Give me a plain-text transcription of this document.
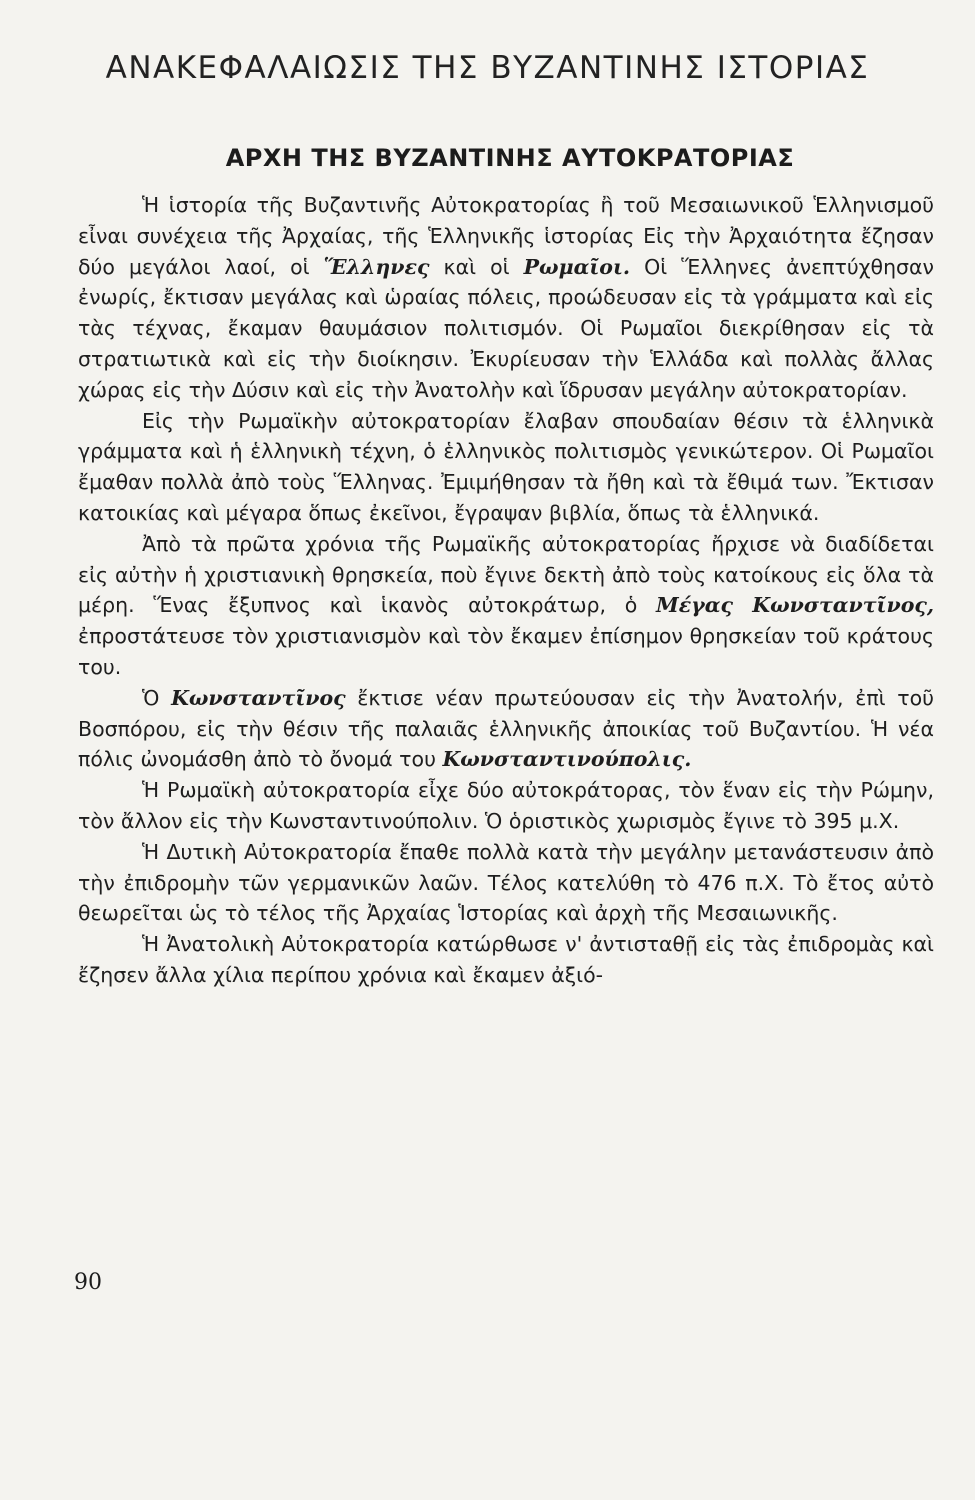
ΑΝΑΚΕΦΑΛΑΙΩΣΙΣ ΤΗΣ ΒΥΖΑΝΤΙΝΗΣ ΙΣΤΟΡΙΑΣ
ΑΡΧΗ ΤΗΣ ΒΥΖΑΝΤΙΝΗΣ ΑΥΤΟΚΡΑΤΟΡΙΑΣ

Ἡ ἱστορία τῆς Βυζαντινῆς Αὐτοκρατορίας ἢ τοῦ Μεσαιωνικοῦ Ἑλληνισμοῦ εἶναι συνέχεια τῆς Ἀρχαίας, τῆς Ἑλληνικῆς ἱστορίας Εἰς τὴν Ἀρχαιότητα ἔζησαν δύο μεγάλοι λαοί, οἱ Ἕλληνες καὶ οἱ Ρωμαῖοι. Οἱ Ἕλληνες ἀνεπτύχθησαν ἐνωρίς, ἔκτισαν μεγάλας καὶ ὡραίας πόλεις, προώδευσαν εἰς τὰ γράμματα καὶ εἰς τὰς τέχνας, ἔκαμαν θαυμάσιον πολιτισμόν. Οἱ Ρωμαῖοι διεκρίθησαν εἰς τὰ στρατιωτικὰ καὶ εἰς τὴν διοίκησιν. Ἐκυρίευσαν τὴν Ἑλλάδα καὶ πολλὰς ἄλλας χώρας εἰς τὴν Δύσιν καὶ εἰς τὴν Ἀνατολὴν καὶ ἵδρυσαν μεγάλην αὐτοκρατορίαν.

Εἰς τὴν Ρωμαϊκὴν αὐτοκρατορίαν ἔλαβαν σπουδαίαν θέσιν τὰ ἑλληνικὰ γράμματα καὶ ἡ ἑλληνικὴ τέχνη, ὁ ἑλληνικὸς πολιτισμὸς γενικώτερον. Οἱ Ρωμαῖοι ἔμαθαν πολλὰ ἀπὸ τοὺς Ἕλληνας. Ἐμιμήθησαν τὰ ἤθη καὶ τὰ ἔθιμά των. Ἔκτισαν κατοικίας καὶ μέγαρα ὅπως ἐκεῖνοι, ἔγραψαν βιβλία, ὅπως τὰ ἑλληνικά.

Ἀπὸ τὰ πρῶτα χρόνια τῆς Ρωμαϊκῆς αὐτοκρατορίας ἤρχισε νὰ διαδίδεται εἰς αὐτὴν ἡ χριστιανικὴ θρησκεία, ποὺ ἔγινε δεκτὴ ἀπὸ τοὺς κατοίκους εἰς ὅλα τὰ μέρη. Ἕνας ἔξυπνος καὶ ἱκανὸς αὐτοκράτωρ, ὁ Μέγας Κωνσταντῖνος, ἐπροστάτευσε τὸν χριστιανισμὸν καὶ τὸν ἔκαμεν ἐπίσημον θρησκείαν τοῦ κράτους του.

Ὁ Κωνσταντῖνος ἔκτισε νέαν πρωτεύουσαν εἰς τὴν Ἀνατολήν, ἐπὶ τοῦ Βοσπόρου, εἰς τὴν θέσιν τῆς παλαιᾶς ἑλληνικῆς ἀποικίας τοῦ Βυζαντίου. Ἡ νέα πόλις ὠνομάσθη ἀπὸ τὸ ὄνομά του Κωνσταντινούπολις.

Ἡ Ρωμαϊκὴ αὐτοκρατορία εἶχε δύο αὐτοκράτορας, τὸν ἕναν εἰς τὴν Ρώμην, τὸν ἄλλον εἰς τὴν Κωνσταντινούπολιν. Ὁ ὁριστικὸς χωρισμὸς ἔγινε τὸ 395 μ.Χ.

Ἡ Δυτικὴ Αὐτοκρατορία ἔπαθε πολλὰ κατὰ τὴν μεγάλην μετανάστευσιν ἀπὸ τὴν ἐπιδρομὴν τῶν γερμανικῶν λαῶν. Τέλος κατελύθη τὸ 476 π.Χ. Τὸ ἔτος αὐτὸ θεωρεῖται ὡς τὸ τέλος τῆς Ἀρχαίας Ἱστορίας καὶ ἀρχὴ τῆς Μεσαιωνικῆς.

Ἡ Ἀνατολικὴ Αὐτοκρατορία κατώρθωσε ν' ἀντισταθῇ εἰς τὰς ἐπιδρομὰς καὶ ἔζησεν ἄλλα χίλια περίπου χρόνια καὶ ἔκαμεν ἀξιό-

90
